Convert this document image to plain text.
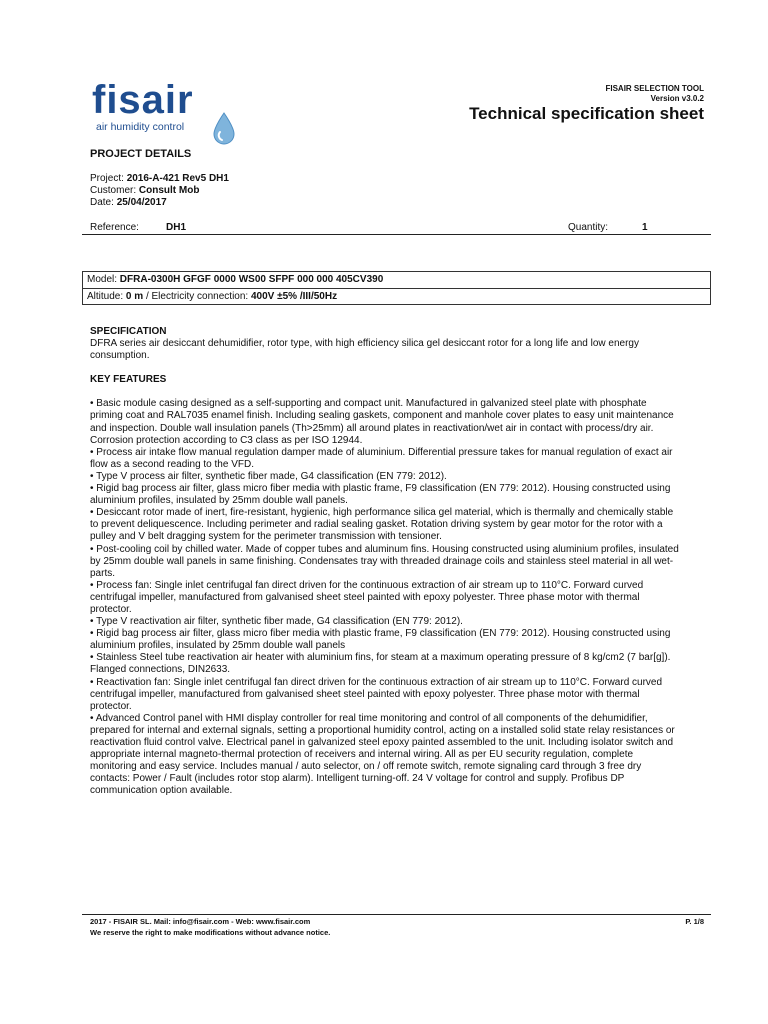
fisair
air humidity control
FISAIR SELECTION TOOL
Version v3.0.2
Technical specification sheet
PROJECT DETAILS
Project: 2016-A-421 Rev5 DH1
Customer: Consult Mob
Date: 25/04/2017
Reference:	DH1	Quantity:	1
Model: DFRA-0300H GFGF 0000 WS00 SFPF 000 000 405CV390
Altitude: 0 m / Electricity connection: 400V ±5% /III/50Hz

SPECIFICATION

DFRA series air desiccant dehumidifier, rotor type, with high efficiency silica gel desiccant rotor for a long life and low energy consumption.

KEY FEATURES

• Basic module casing designed as a self-supporting and compact unit. Manufactured in galvanized steel plate with phosphate priming coat and RAL7035 enamel finish. Including sealing gaskets, component and manhole cover plates to easy unit maintenance and inspection. Double wall insulation panels (Th>25mm) all around plates in reactivation/wet air in contact with process/dry air. Corrosion protection according to C3 class as per ISO 12944.

• Process air intake flow manual regulation damper made of aluminium. Differential pressure takes for manual regulation of exact air flow as a second reading to the VFD.

• Type V process air filter, synthetic fiber made, G4 classification (EN 779: 2012).

• Rigid bag process air filter, glass micro fiber media with plastic frame, F9 classification (EN 779: 2012). Housing constructed using aluminium profiles, insulated by 25mm double wall panels.

• Desiccant rotor made of inert, fire-resistant, hygienic, high performance silica gel material, which is thermally and chemically stable to prevent deliquescence. Including perimeter and radial sealing gasket. Rotation driving system by gear motor for the rotor with a pulley and V belt dragging system for the perimeter transmission with tensioner.

• Post-cooling coil by chilled water. Made of copper tubes and aluminum fins. Housing constructed using aluminium profiles, insulated by 25mm double wall panels in same finishing. Condensates tray with threaded drainage coils and stainless steel material in all wet-parts.

• Process fan: Single inlet centrifugal fan direct driven for the continuous extraction of air stream up to 110°C. Forward curved centrifugal impeller, manufactured from galvanised sheet steel painted with epoxy polyester. Three phase motor with thermal protector.

• Type V reactivation air filter, synthetic fiber made, G4 classification (EN 779: 2012).

• Rigid bag process air filter, glass micro fiber media with plastic frame, F9 classification (EN 779: 2012). Housing constructed using aluminium profiles, insulated by 25mm double wall panels

• Stainless Steel tube reactivation air heater with aluminium fins, for steam at a maximum operating pressure of 8 kg/cm2 (7 bar[g]). Flanged connections, DIN2633.

• Reactivation fan: Single inlet centrifugal fan direct driven for the continuous extraction of air stream up to 110°C. Forward curved centrifugal impeller, manufactured from galvanised sheet steel painted with epoxy polyester. Three phase motor with thermal protector.

• Advanced Control panel with HMI display controller for real time monitoring and control of all components of the dehumidifier, prepared for internal and external signals, setting a proportional humidity control, acting on a installed solid state relay resistances or reactivation fluid control valve. Electrical panel in galvanized steel epoxy painted assembled to the unit. Including isolator switch and appropriate internal magneto-thermal protection of receivers and internal wiring. All as per EU security regulation, complete monitoring and easy service. Includes manual / auto selector, on / off remote switch, remote signaling card through 3 free dry contacts: Power / Fault (includes rotor stop alarm). Intelligent turning-off. 24 V voltage for control and supply. Profibus DP communication option available.

2017 - FISAIR SL. Mail: info@fisair.com - Web: www.fisair.com
We reserve the right to make modifications without advance notice.
P. 1/8
